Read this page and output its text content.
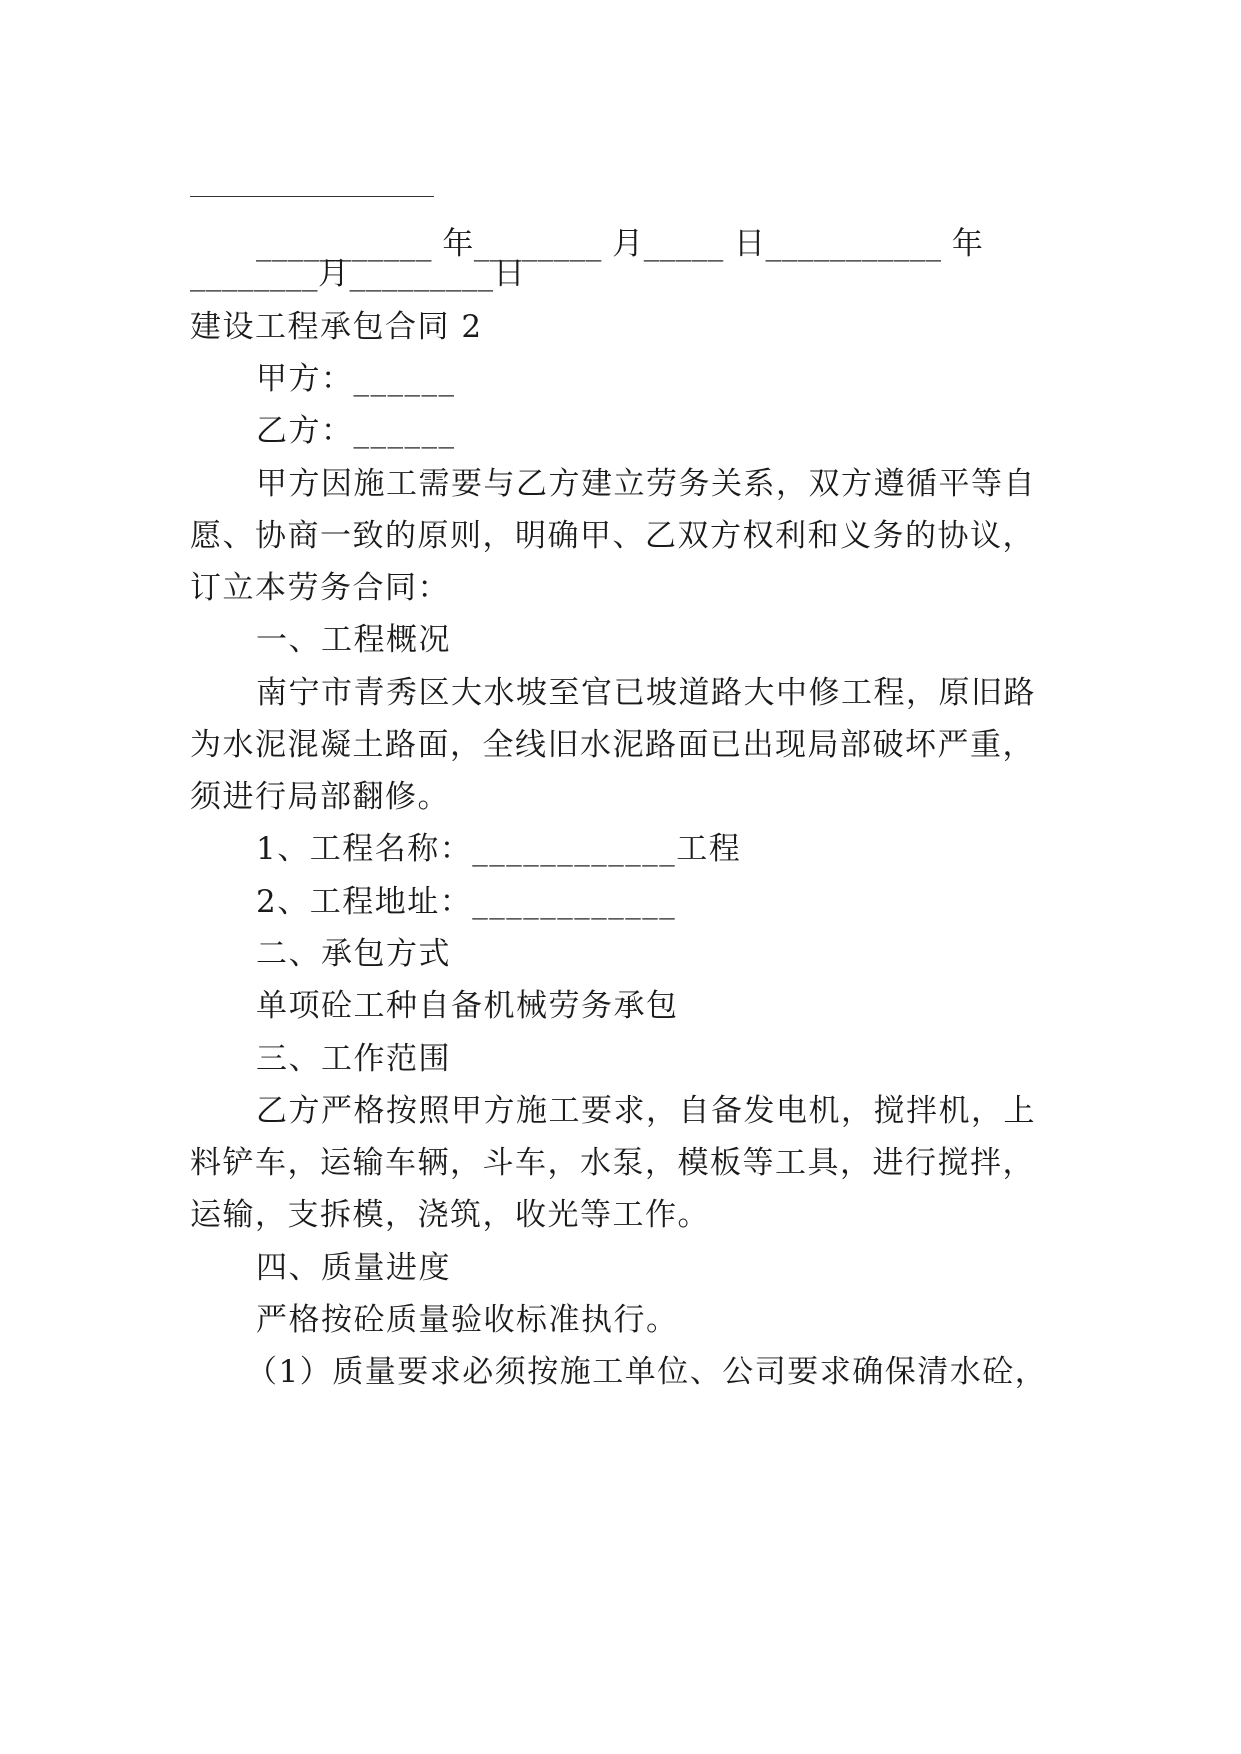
___________ 年________ 月_____ 日___________ 年
________月_________日
建设工程承包合同 2
甲方：______
乙方：______
甲方因施工需要与乙方建立劳务关系，双方遵循平等自
愿、协商一致的原则，明确甲、乙双方权利和义务的协议，
订立本劳务合同：
一、工程概况
南宁市青秀区大水坡至官已坡道路大中修工程，原旧路
为水泥混凝土路面，全线旧水泥路面已出现局部破坏严重，
须进行局部翻修。
1、工程名称：____________工程
2、工程地址：____________
二、承包方式
单项砼工种自备机械劳务承包
三、工作范围
乙方严格按照甲方施工要求，自备发电机，搅拌机，上
料铲车，运输车辆，斗车，水泵，模板等工具，进行搅拌，
运输，支拆模，浇筑，收光等工作。
四、质量进度
严格按砼质量验收标准执行。
（1）质量要求必须按施工单位、公司要求确保清水砼，
